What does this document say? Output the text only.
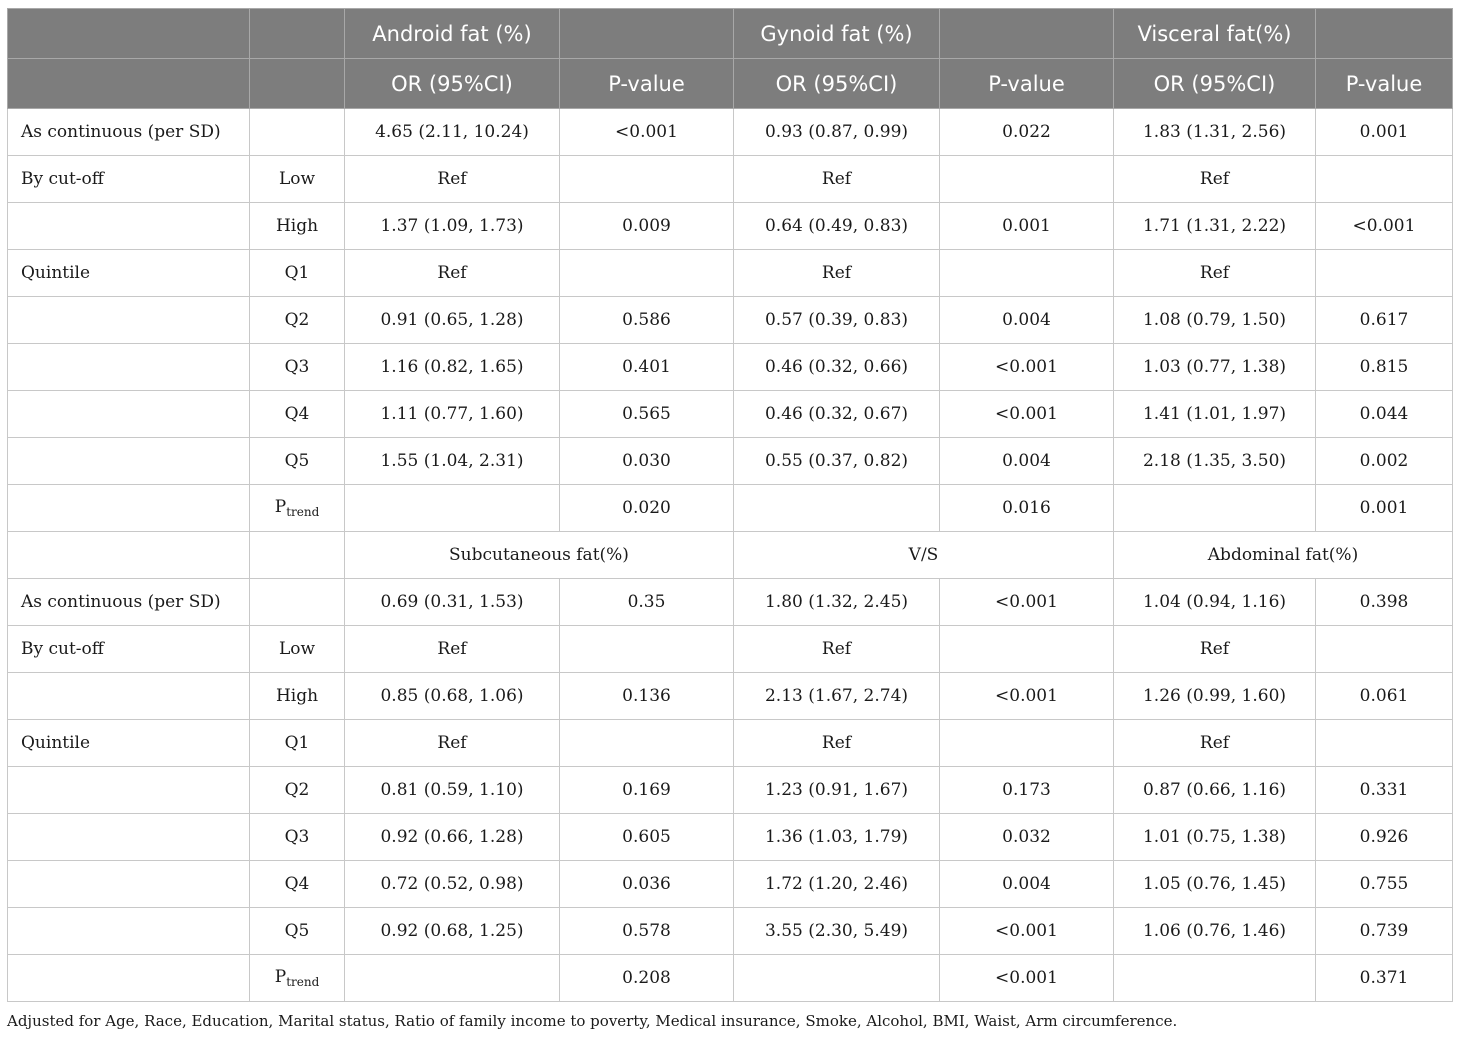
		Android fat (%)		Gynoid fat (%)		Visceral fat(%)	
		OR (95%CI)	P-value	OR (95%CI)	P-value	OR (95%CI)	P-value
As continuous (per SD)		4.65 (2.11, 10.24)	<0.001	0.93 (0.87, 0.99)	0.022	1.83 (1.31, 2.56)	0.001
By cut-off	Low	Ref		Ref		Ref	
	High	1.37 (1.09, 1.73)	0.009	0.64 (0.49, 0.83)	0.001	1.71 (1.31, 2.22)	<0.001
Quintile	Q1	Ref		Ref		Ref	
	Q2	0.91 (0.65, 1.28)	0.586	0.57 (0.39, 0.83)	0.004	1.08 (0.79, 1.50)	0.617
	Q3	1.16 (0.82, 1.65)	0.401	0.46 (0.32, 0.66)	<0.001	1.03 (0.77, 1.38)	0.815
	Q4	1.11 (0.77, 1.60)	0.565	0.46 (0.32, 0.67)	<0.001	1.41 (1.01, 1.97)	0.044
	Q5	1.55 (1.04, 2.31)	0.030	0.55 (0.37, 0.82)	0.004	2.18 (1.35, 3.50)	0.002
	$P_{trend}$		0.020		0.016		0.001
		Subcutaneous fat(%)		V/S		Abdominal fat(%)	
As continuous (per SD)		0.69 (0.31, 1.53)	0.35	1.80 (1.32, 2.45)	<0.001	1.04 (0.94, 1.16)	0.398
By cut-off	Low	Ref		Ref		Ref	
	High	0.85 (0.68, 1.06)	0.136	2.13 (1.67, 2.74)	<0.001	1.26 (0.99, 1.60)	0.061
Quintile	Q1	Ref		Ref		Ref	
	Q2	0.81 (0.59, 1.10)	0.169	1.23 (0.91, 1.67)	0.173	0.87 (0.66, 1.16)	0.331
	Q3	0.92 (0.66, 1.28)	0.605	1.36 (1.03, 1.79)	0.032	1.01 (0.75, 1.38)	0.926
	Q4	0.72 (0.52, 0.98)	0.036	1.72 (1.20, 2.46)	0.004	1.05 (0.76, 1.45)	0.755
	Q5	0.92 (0.68, 1.25)	0.578	3.55 (2.30, 5.49)	<0.001	1.06 (0.76, 1.46)	0.739
	$P_{trend}$		0.208		<0.001		0.371
Adjusted for Age, Race, Education, Marital status, Ratio of family income to poverty, Medical insurance, Smoke, Alcohol, BMI, Waist, Arm circumference.
